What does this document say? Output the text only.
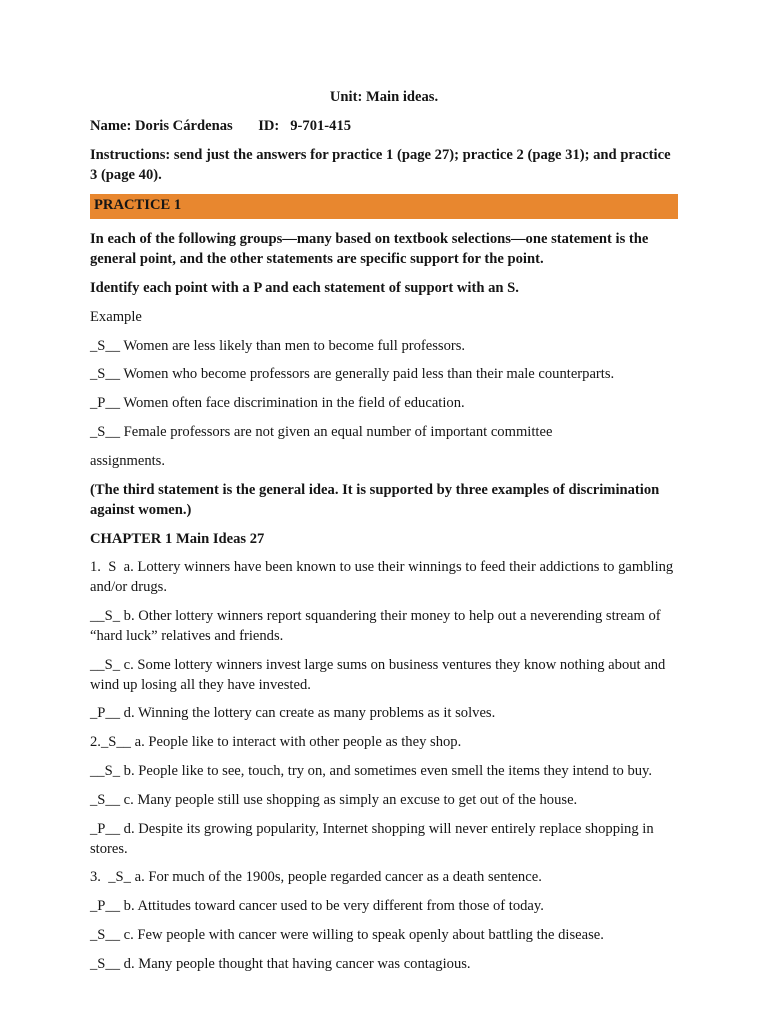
Unit: Main ideas.

Name: Doris Cárdenas       ID:   9-701-415

Instructions: send just the answers for practice 1 (page 27); practice 2 (page 31); and practice 3 (page 40).

PRACTICE 1

In each of the following groups—many based on textbook selections—one statement is the general point, and the other statements are specific support for the point.

Identify each point with a P and each statement of support with an S.

Example

_S__ Women are less likely than men to become full professors.

_S__ Women who become professors are generally paid less than their male counterparts.

_P__ Women often face discrimination in the field of education.

_S__ Female professors are not given an equal number of important committee

assignments.

(The third statement is the general idea. It is supported by three examples of discrimination against women.)

CHAPTER 1 Main Ideas 27

1.  S  a. Lottery winners have been known to use their winnings to feed their addictions to gambling and/or drugs.

__S_ b. Other lottery winners report squandering their money to help out a neverending stream of “hard luck” relatives and friends.

__S_ c. Some lottery winners invest large sums on business ventures they know nothing about and wind up losing all they have invested.

_P__ d. Winning the lottery can create as many problems as it solves.

2._S__ a. People like to interact with other people as they shop.

__S_ b. People like to see, touch, try on, and sometimes even smell the items they intend to buy.

_S__ c. Many people still use shopping as simply an excuse to get out of the house.

_P__ d. Despite its growing popularity, Internet shopping will never entirely replace shopping in stores.

3.  _S_ a. For much of the 1900s, people regarded cancer as a death sentence.

_P__ b. Attitudes toward cancer used to be very different from those of today.

_S__ c. Few people with cancer were willing to speak openly about battling the disease.

_S__ d. Many people thought that having cancer was contagious.
